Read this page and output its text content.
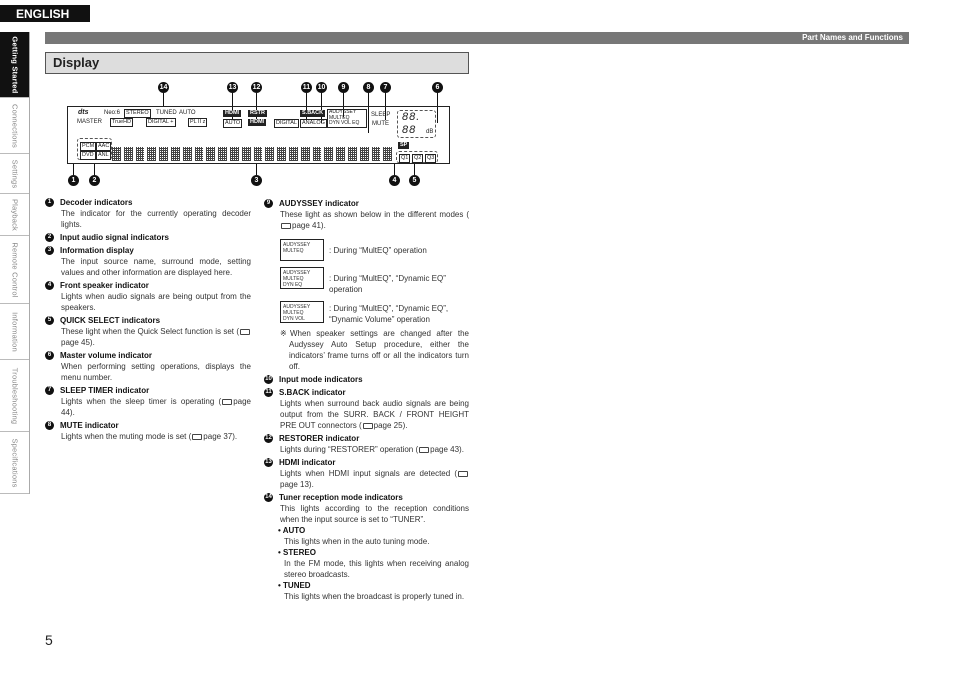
ENGLISH
Getting Started
Connections
Settings
Playback
Remote Control
Information
Troubleshooting
Specifications
Part Names and Functions
Display
14	13 12	11 10	9	8	7	6
dts	Neo:6	STEREO	TUNED AUTO
MASTER	TrueHD	DIGITAL +	PL II z
HDMI	RSTR
AUTO	HDMI	DIGITAL
S.BACK
ANALOG
AUDYSSEY
MULTEQ
DYN VOL EQ
SLEEP
MUTE
88.
88 dB
PCM AAC
DVD ANL
SP
Q1	Q2	Q3
1	2	3	4	5
1	Decoder indicators
The indicator for the currently operating decoder lights.
2	Input audio signal indicators
3	Information display
The input source name, surround mode, setting values and other information are displayed here.
4	Front speaker indicator
Lights when audio signals are being output from the speakers.
5	QUICK SELECT indicators
These light when the Quick Select function is set (page 45).
6	Master volume indicator
When performing setting operations, displays the menu number.
7	SLEEP TIMER indicator
Lights when the sleep timer is operating ( page 44).
8	MUTE indicator
Lights when the muting mode is set ( page 37).
9	AUDYSSEY indicator
These light as shown below in the different modes (page 41).
AUDYSSEY
MULTEQ	: During “MultEQ” operation
AUDYSSEY
MULTEQ
DYN EQ
: During “MultEQ”, “Dynamic EQ” operation
AUDYSSEY
MULTEQ
DYN VOL
: During “MultEQ”, “Dynamic EQ”, “Dynamic Volume” operation
※When speaker settings are changed after the Audyssey Auto Setup procedure, either the indicators’ frame turns off or all the indicators turn off.
10 Input mode indicators
11 S.BACK indicator
Lights when surround back audio signals are being output from the SURR. BACK / FRONT HEIGHT PRE OUT connectors ( page 25).
12 RESTORER indicator
Lights during “RESTORER” operation ( page 43).
13 HDMI indicator
Lights when HDMI input signals are detected (page 13).
14 Tuner reception mode indicators
This lights according to the reception conditions when the input source is set to “TUNER”.
• AUTO
This lights when in the auto tuning mode.
• STEREO
In the FM mode, this lights when receiving analog stereo broadcasts.
• TUNED
This lights when the broadcast is properly tuned in.
5
